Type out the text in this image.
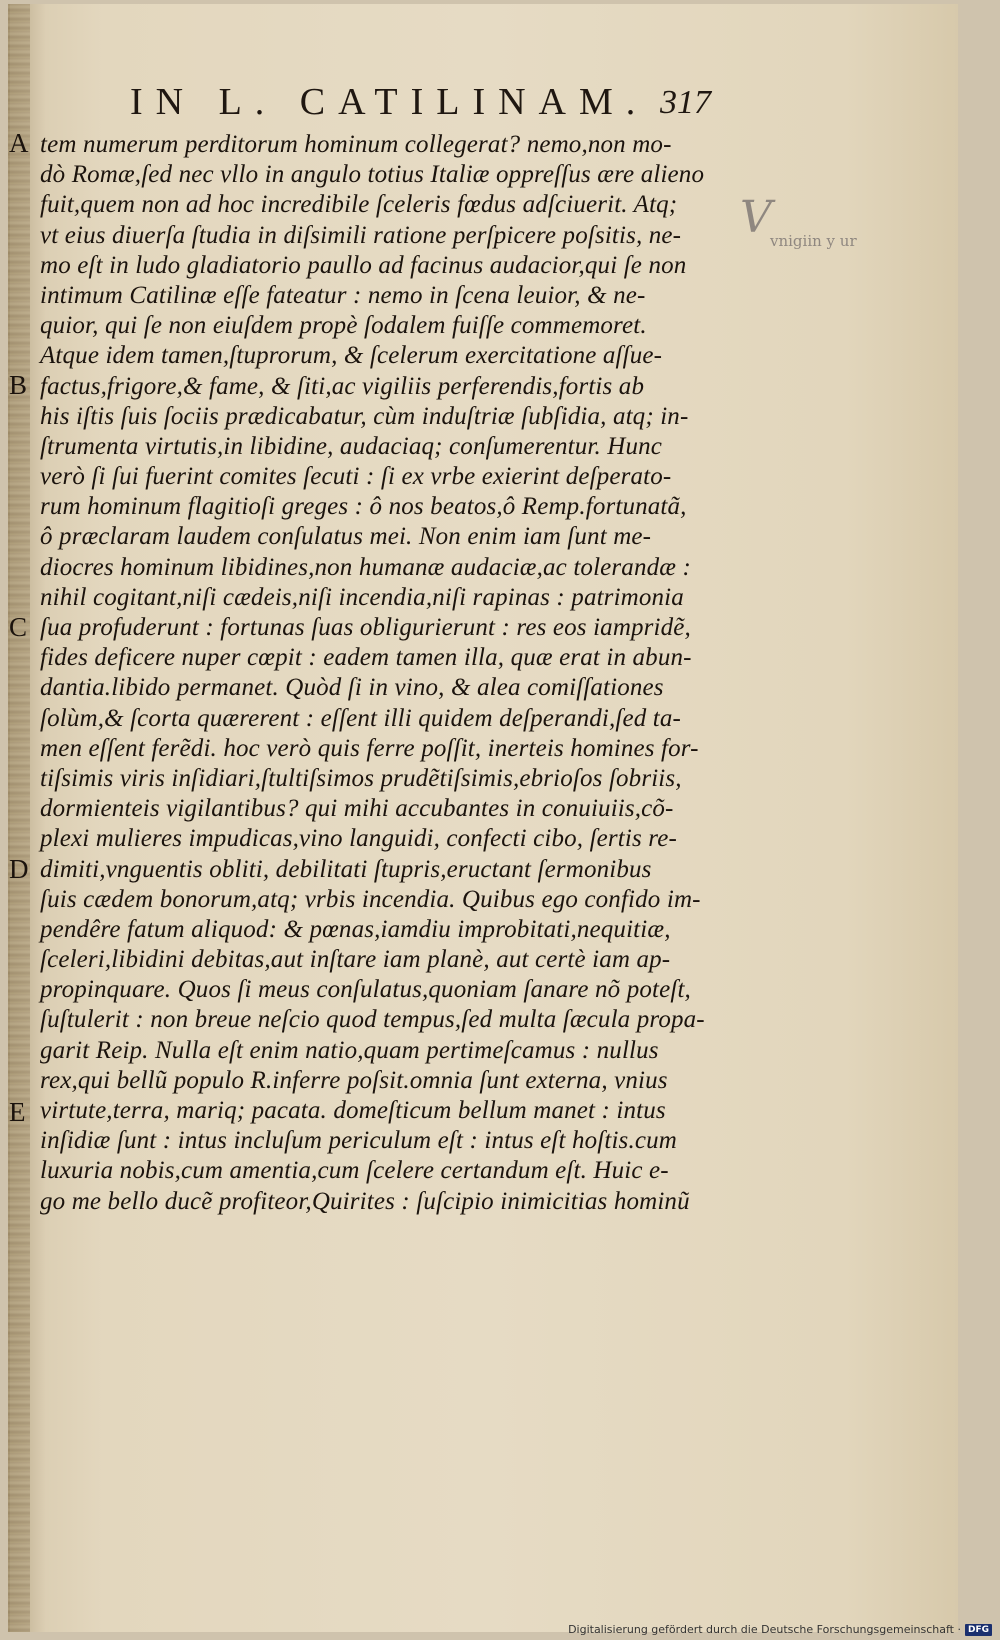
IN L. CATILINAM. 317
A
B
C
D
E
tem numerum perditorum hominum collegerat? nemo,non mo-
dò Romæ,ſed nec vllo in angulo totius Italiæ oppreſſus ære alieno
fuit,quem non ad hoc incredibile ſceleris fœdus adſciuerit. Atq;
vt eius diuerſa ſtudia in diſsimili ratione perſpicere poſsitis, ne-
mo eſt in ludo gladiatorio paullo ad facinus audacior,qui ſe non
intimum Catilinæ eſſe fateatur : nemo in ſcena leuior, & ne-
quior, qui ſe non eiuſdem propè ſodalem fuiſſe commemoret.
Atque idem tamen,ſtuprorum, & ſcelerum exercitatione aſſue-
factus,frigore,& fame, & ſiti,ac vigiliis perferendis,fortis ab
his iſtis ſuis ſociis prædicabatur, cùm induſtriæ ſubſidia, atq; in-
ſtrumenta virtutis,in libidine, audaciaq; conſumerentur. Hunc
verò ſi ſui fuerint comites ſecuti : ſi ex vrbe exierint deſperato-
rum hominum flagitioſi greges : ô nos beatos,ô Remp.fortunatã,
ô præclaram laudem conſulatus mei. Non enim iam ſunt me-
diocres hominum libidines,non humanæ audaciæ,ac tolerandæ :
nihil cogitant,niſi cædeis,niſi incendia,niſi rapinas : patrimonia
ſua profuderunt : fortunas ſuas obligurierunt : res eos iampridẽ,
fides deficere nuper cœpit : eadem tamen illa, quæ erat in abun-
dantia.libido permanet. Quòd ſi in vino, & alea comiſſationes
ſolùm,& ſcorta quærerent : eſſent illi quidem deſperandi,ſed ta-
men eſſent ferẽdi. hoc verò quis ferre poſſit, inerteis homines for-
tiſsimis viris inſidiari,ſtultiſsimos prudẽtiſsimis,ebrioſos ſobriis,
dormienteis vigilantibus? qui mihi accubantes in conuiuiis,cõ-
plexi mulieres impudicas,vino languidi, confecti cibo, ſertis re-
dimiti,vnguentis obliti, debilitati ſtupris,eructant ſermonibus
ſuis cædem bonorum,atq; vrbis incendia. Quibus ego confido im-
pendêre fatum aliquod: & pœnas,iamdiu improbitati,nequitiæ,
ſceleri,libidini debitas,aut inſtare iam planè, aut certè iam ap-
propinquare. Quos ſi meus conſulatus,quoniam ſanare nõ poteſt,
ſuſtulerit : non breue neſcio quod tempus,ſed multa ſæcula propa-
garit Reip. Nulla eſt enim natio,quam pertimeſcamus : nullus
rex,qui bellũ populo R.inferre poſsit.omnia ſunt externa, vnius
virtute,terra, mariq; pacata. domeſticum bellum manet : intus
inſidiæ ſunt : intus incluſum periculum eſt : intus eſt hoſtis.cum
luxuria nobis,cum amentia,cum ſcelere certandum eſt. Huic e-
go me bello ducẽ profiteor,Quirites : ſuſcipio inimicitias hominũ
V
vnigiin y ur
Digitalisierung gefördert durch die Deutsche Forschungsgemeinschaft · DFG
